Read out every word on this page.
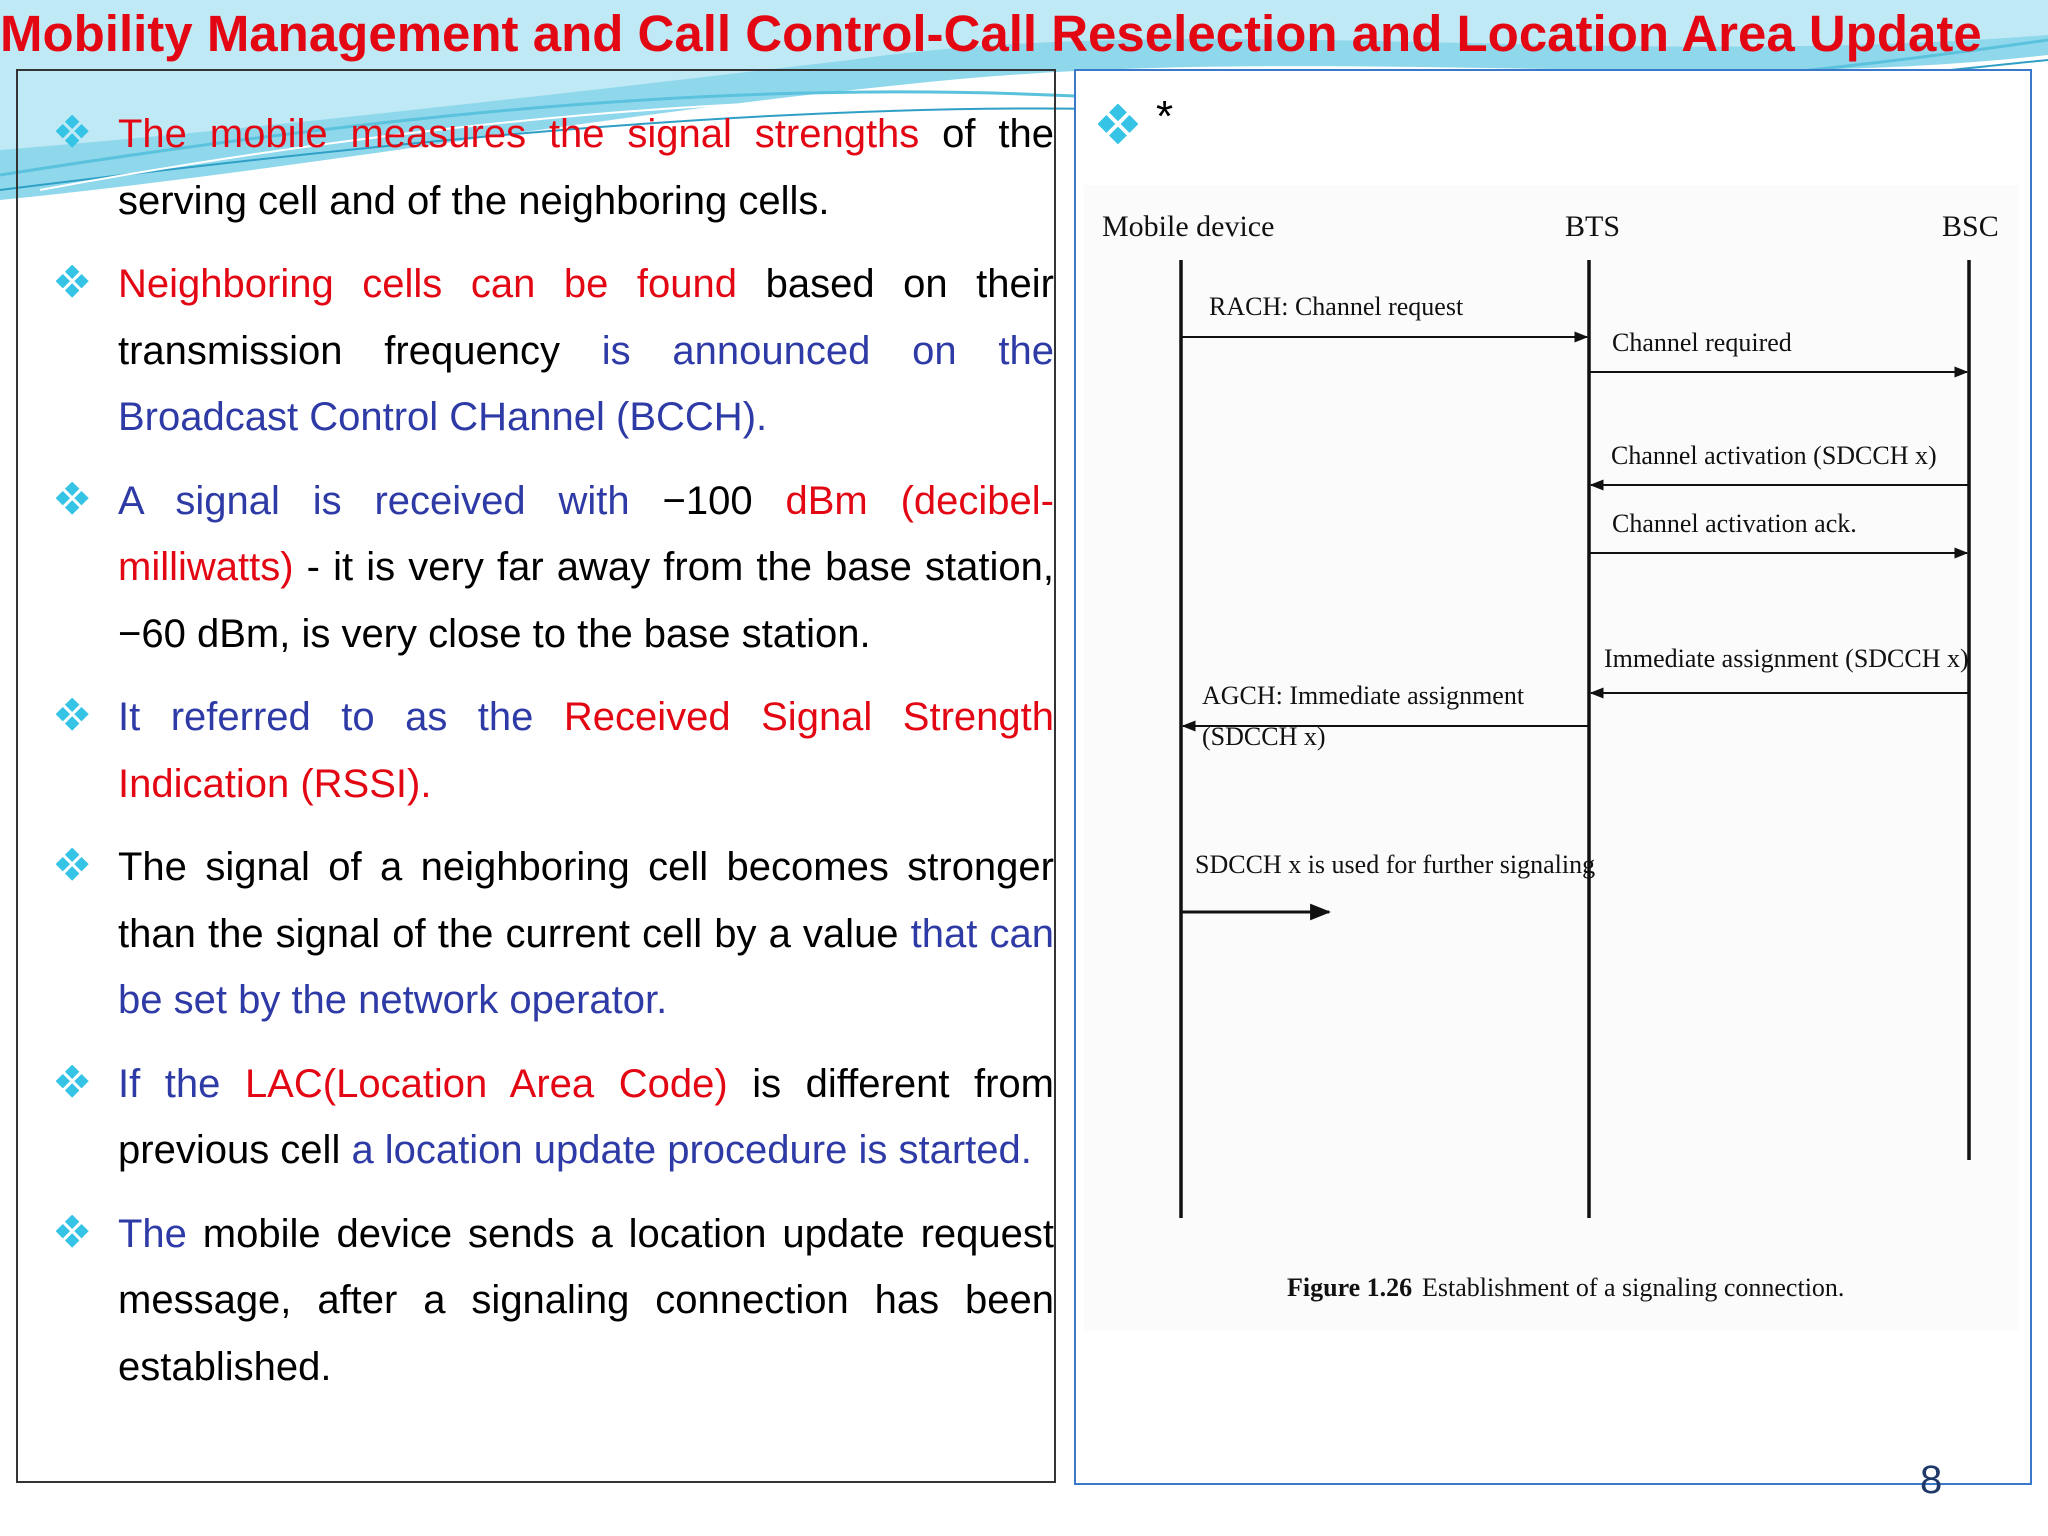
Mobility Management and Call Control-Call Reselection and Location Area Update
The mobile measures the signal strengths of the serving cell and of the neighboring cells.
Neighboring cells can be found based on their transmission frequency is announced on the Broadcast Control CHannel (BCCH).
A signal is received with −100 dBm (decibel-milliwatts) - it is very far away from the base station, −60 dBm, is very close to the base station.
It referred to as the Received Signal Strength Indication (RSSI).
The signal of a neighboring cell becomes stronger than the signal of the current cell by a value that can be set by the network operator.
If the LAC(Location Area Code) is different from previous cell a location update procedure is started.
The mobile device sends a location update request message, after a signaling connection has been established.
*
Mobile device	BTS	BSC
RACH: Channel request
Channel required
Channel activation (SDCCH x)
Channel activation ack.
Immediate assignment (SDCCH x)
AGCH: Immediate assignment
(SDCCH x)
SDCCH x is used for further signaling
Figure 1.26 Establishment of a signaling connection.
8
